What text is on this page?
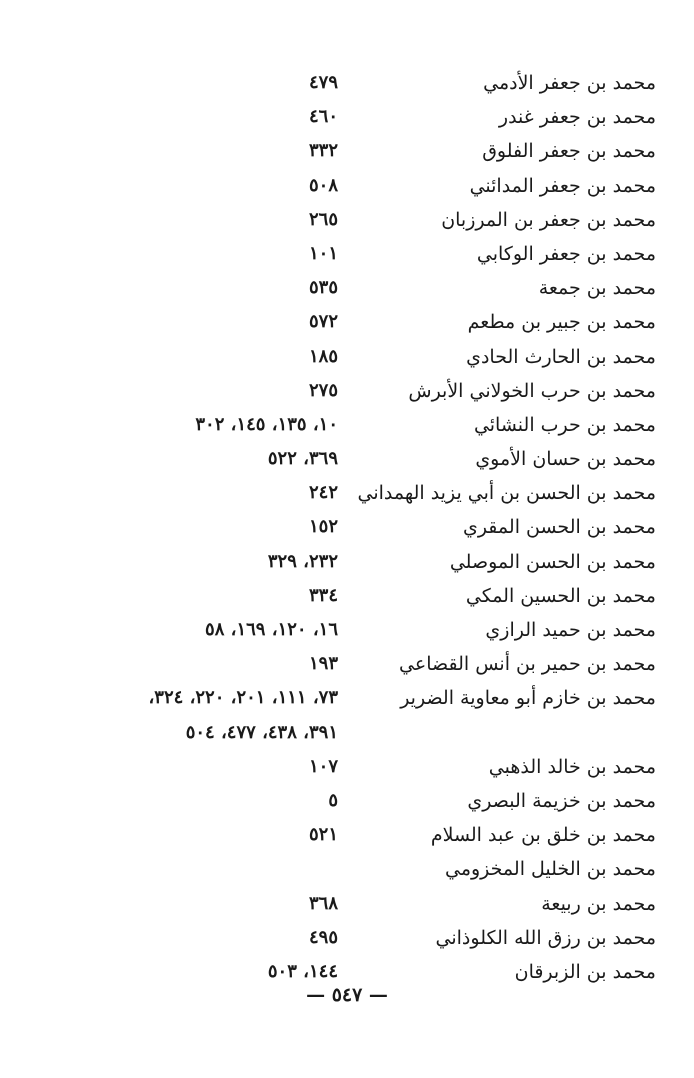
محمد بن جعفر الأدمي
٤٧٩
محمد بن جعفر غندر
٤٦٠
محمد بن جعفر الفلوق
٣٣٢
محمد بن جعفر المدائني
٥٠٨
محمد بن جعفر بن المرزبان
٢٦٥
محمد بن جعفر الوكابي
١٠١
محمد بن جمعة
٥٣٥
محمد بن جبير بن مطعم
٥٧٢
محمد بن الحارث الحادي
١٨٥
محمد بن حرب الخولاني الأبرش
٢٧٥
محمد بن حرب النشائي
١٠، ١٣٥، ١٤٥، ٣٠٢
محمد بن حسان الأموي
٣٦٩، ٥٢٢
محمد بن الحسن بن أبي يزيد الهمداني
٢٤٢
محمد بن الحسن المقري
١٥٢
محمد بن الحسن الموصلي
٢٣٢، ٣٢٩
محمد بن الحسين المكي
٣٣٤
محمد بن حميد الرازي
١٦، ١٢٠، ١٦٩، ٥٨
محمد بن حمير بن أنس القضاعي
١٩٣
محمد بن خازم أبو معاوية الضرير
٧٣، ١١١، ٢٠١، ٢٢٠، ٣٢٤،
٣٩١، ٤٣٨، ٤٧٧، ٥٠٤
محمد بن خالد الذهبي
١٠٧
محمد بن خزيمة البصري
٥
محمد بن خلق بن عبد السلام
٥٢١
محمد بن الخليل المخزومي
محمد بن ربيعة
٣٦٨
محمد بن رزق الله الكلوذاني
٤٩٥
محمد بن الزبرقان
١٤٤، ٥٠٣
— ٥٤٧ —
